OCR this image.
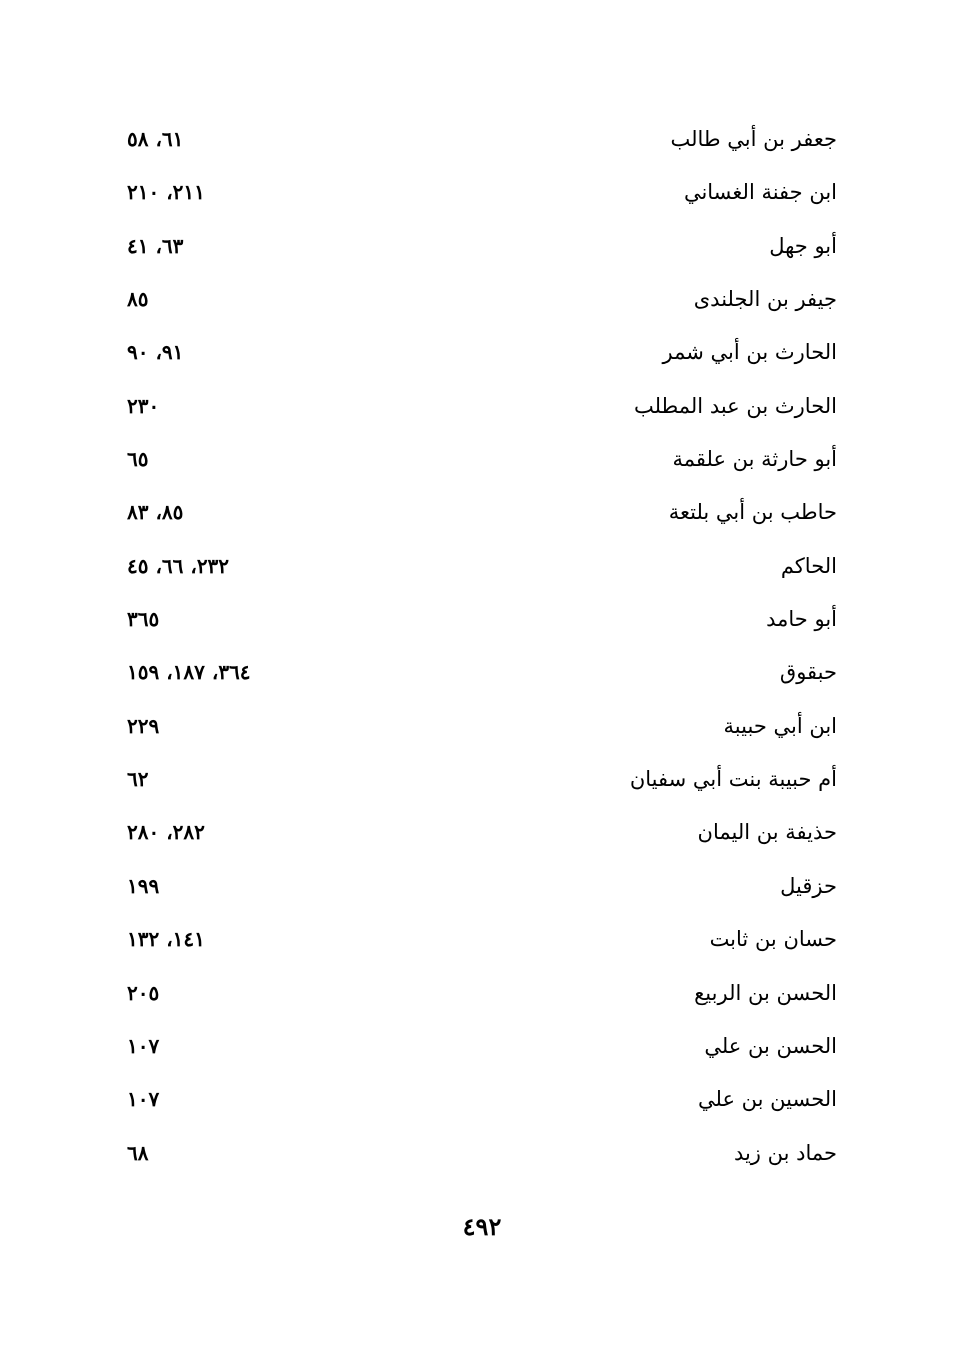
جعفر بن أبي طالب
٦١، ٥٨
ابن جفنة الغساني
٢١١، ٢١٠
أبو جهل
٦٣، ٤١
جيفر بن الجلندى
٨٥
الحارث بن أبي شمر
٩١، ٩٠
الحارث بن عبد المطلب
٢٣٠
أبو حارثة بن علقمة
٦٥
حاطب بن أبي بلتعة
٨٥، ٨٣
الحاكم
٢٣٢، ٦٦، ٤٥
أبو حامد
٣٦٥
حبقوق
٣٦٤، ١٨٧، ١٥٩
ابن أبي حبيبة
٢٢٩
أم حبيبة بنت أبي سفيان
٦٢
حذيفة بن اليمان
٢٨٢، ٢٨٠
حزقيل
١٩٩
حسان بن ثابت
١٤١، ١٣٢
الحسن بن الربيع
٢٠٥
الحسن بن علي
١٠٧
الحسين بن علي
١٠٧
حماد بن زيد
٦٨
٤٩٢
